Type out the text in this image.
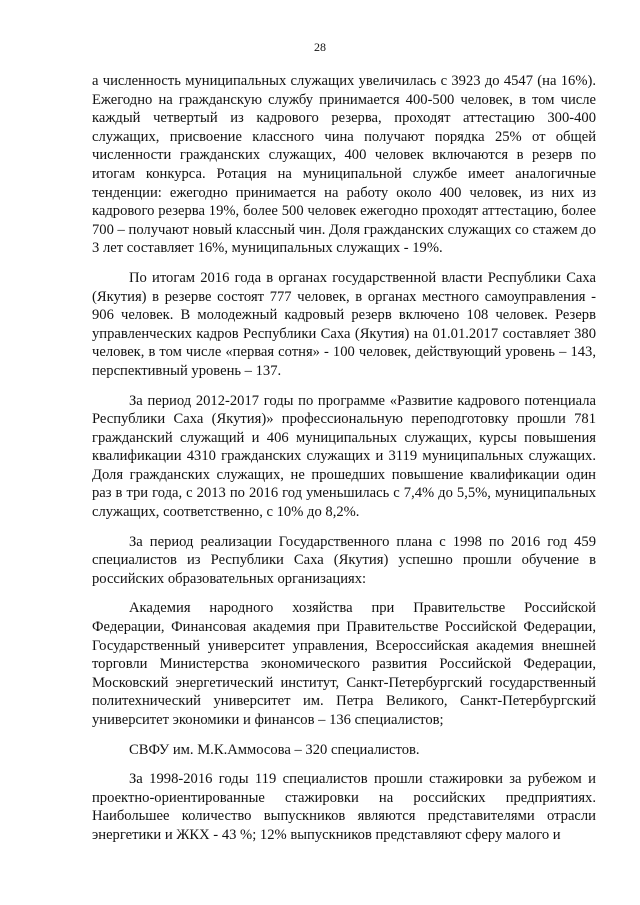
28

а численность муниципальных служащих увеличилась с 3923 до 4547 (на 16%). Ежегодно на гражданскую службу принимается 400-500 человек, в том числе каждый четвертый из кадрового резерва, проходят аттестацию 300-400 служащих, присвоение классного чина получают порядка 25% от общей численности гражданских служащих, 400 человек включаются в резерв по итогам конкурса. Ротация на муниципальной службе имеет аналогичные тенденции: ежегодно принимается на работу около 400 человек, из них из кадрового резерва 19%, более 500 человек ежегодно проходят аттестацию, более 700 – получают новый классный чин. Доля гражданских служащих со стажем до 3 лет составляет 16%, муниципальных служащих - 19%.

По итогам 2016 года в органах государственной власти Республики Саха (Якутия) в резерве состоят 777 человек, в органах местного самоуправления - 906 человек. В молодежный кадровый резерв включено 108 человек. Резерв управленческих кадров Республики Саха (Якутия) на 01.01.2017 составляет 380 человек, в том числе «первая сотня» - 100 человек, действующий уровень – 143, перспективный уровень – 137.

За период 2012-2017 годы по программе «Развитие кадрового потенциала Республики Саха (Якутия)» профессиональную переподготовку прошли 781 гражданский служащий и 406 муниципальных служащих, курсы повышения квалификации 4310 гражданских служащих и 3119 муниципальных служащих. Доля гражданских служащих, не прошедших повышение квалификации один раз в три года, с 2013 по 2016 год уменьшилась с 7,4% до 5,5%, муниципальных служащих, соответственно, с 10% до 8,2%.

За период реализации Государственного плана с 1998 по 2016 год 459 специалистов из Республики Саха (Якутия) успешно прошли обучение в российских образовательных организациях:

Академия народного хозяйства при Правительстве Российской Федерации, Финансовая академия при Правительстве Российской Федерации, Государственный университет управления, Всероссийская академия внешней торговли Министерства экономического развития Российской Федерации, Московский энергетический институт, Санкт-Петербургский государственный политехнический университет им. Петра Великого, Санкт-Петербургский университет экономики и финансов – 136 специалистов;

СВФУ им. М.К.Аммосова – 320 специалистов.

За 1998-2016 годы 119 специалистов прошли стажировки за рубежом и проектно-ориентированные стажировки на российских предприятиях. Наибольшее количество выпускников являются представителями отрасли энергетики и ЖКХ - 43 %; 12% выпускников представляют сферу малого и
